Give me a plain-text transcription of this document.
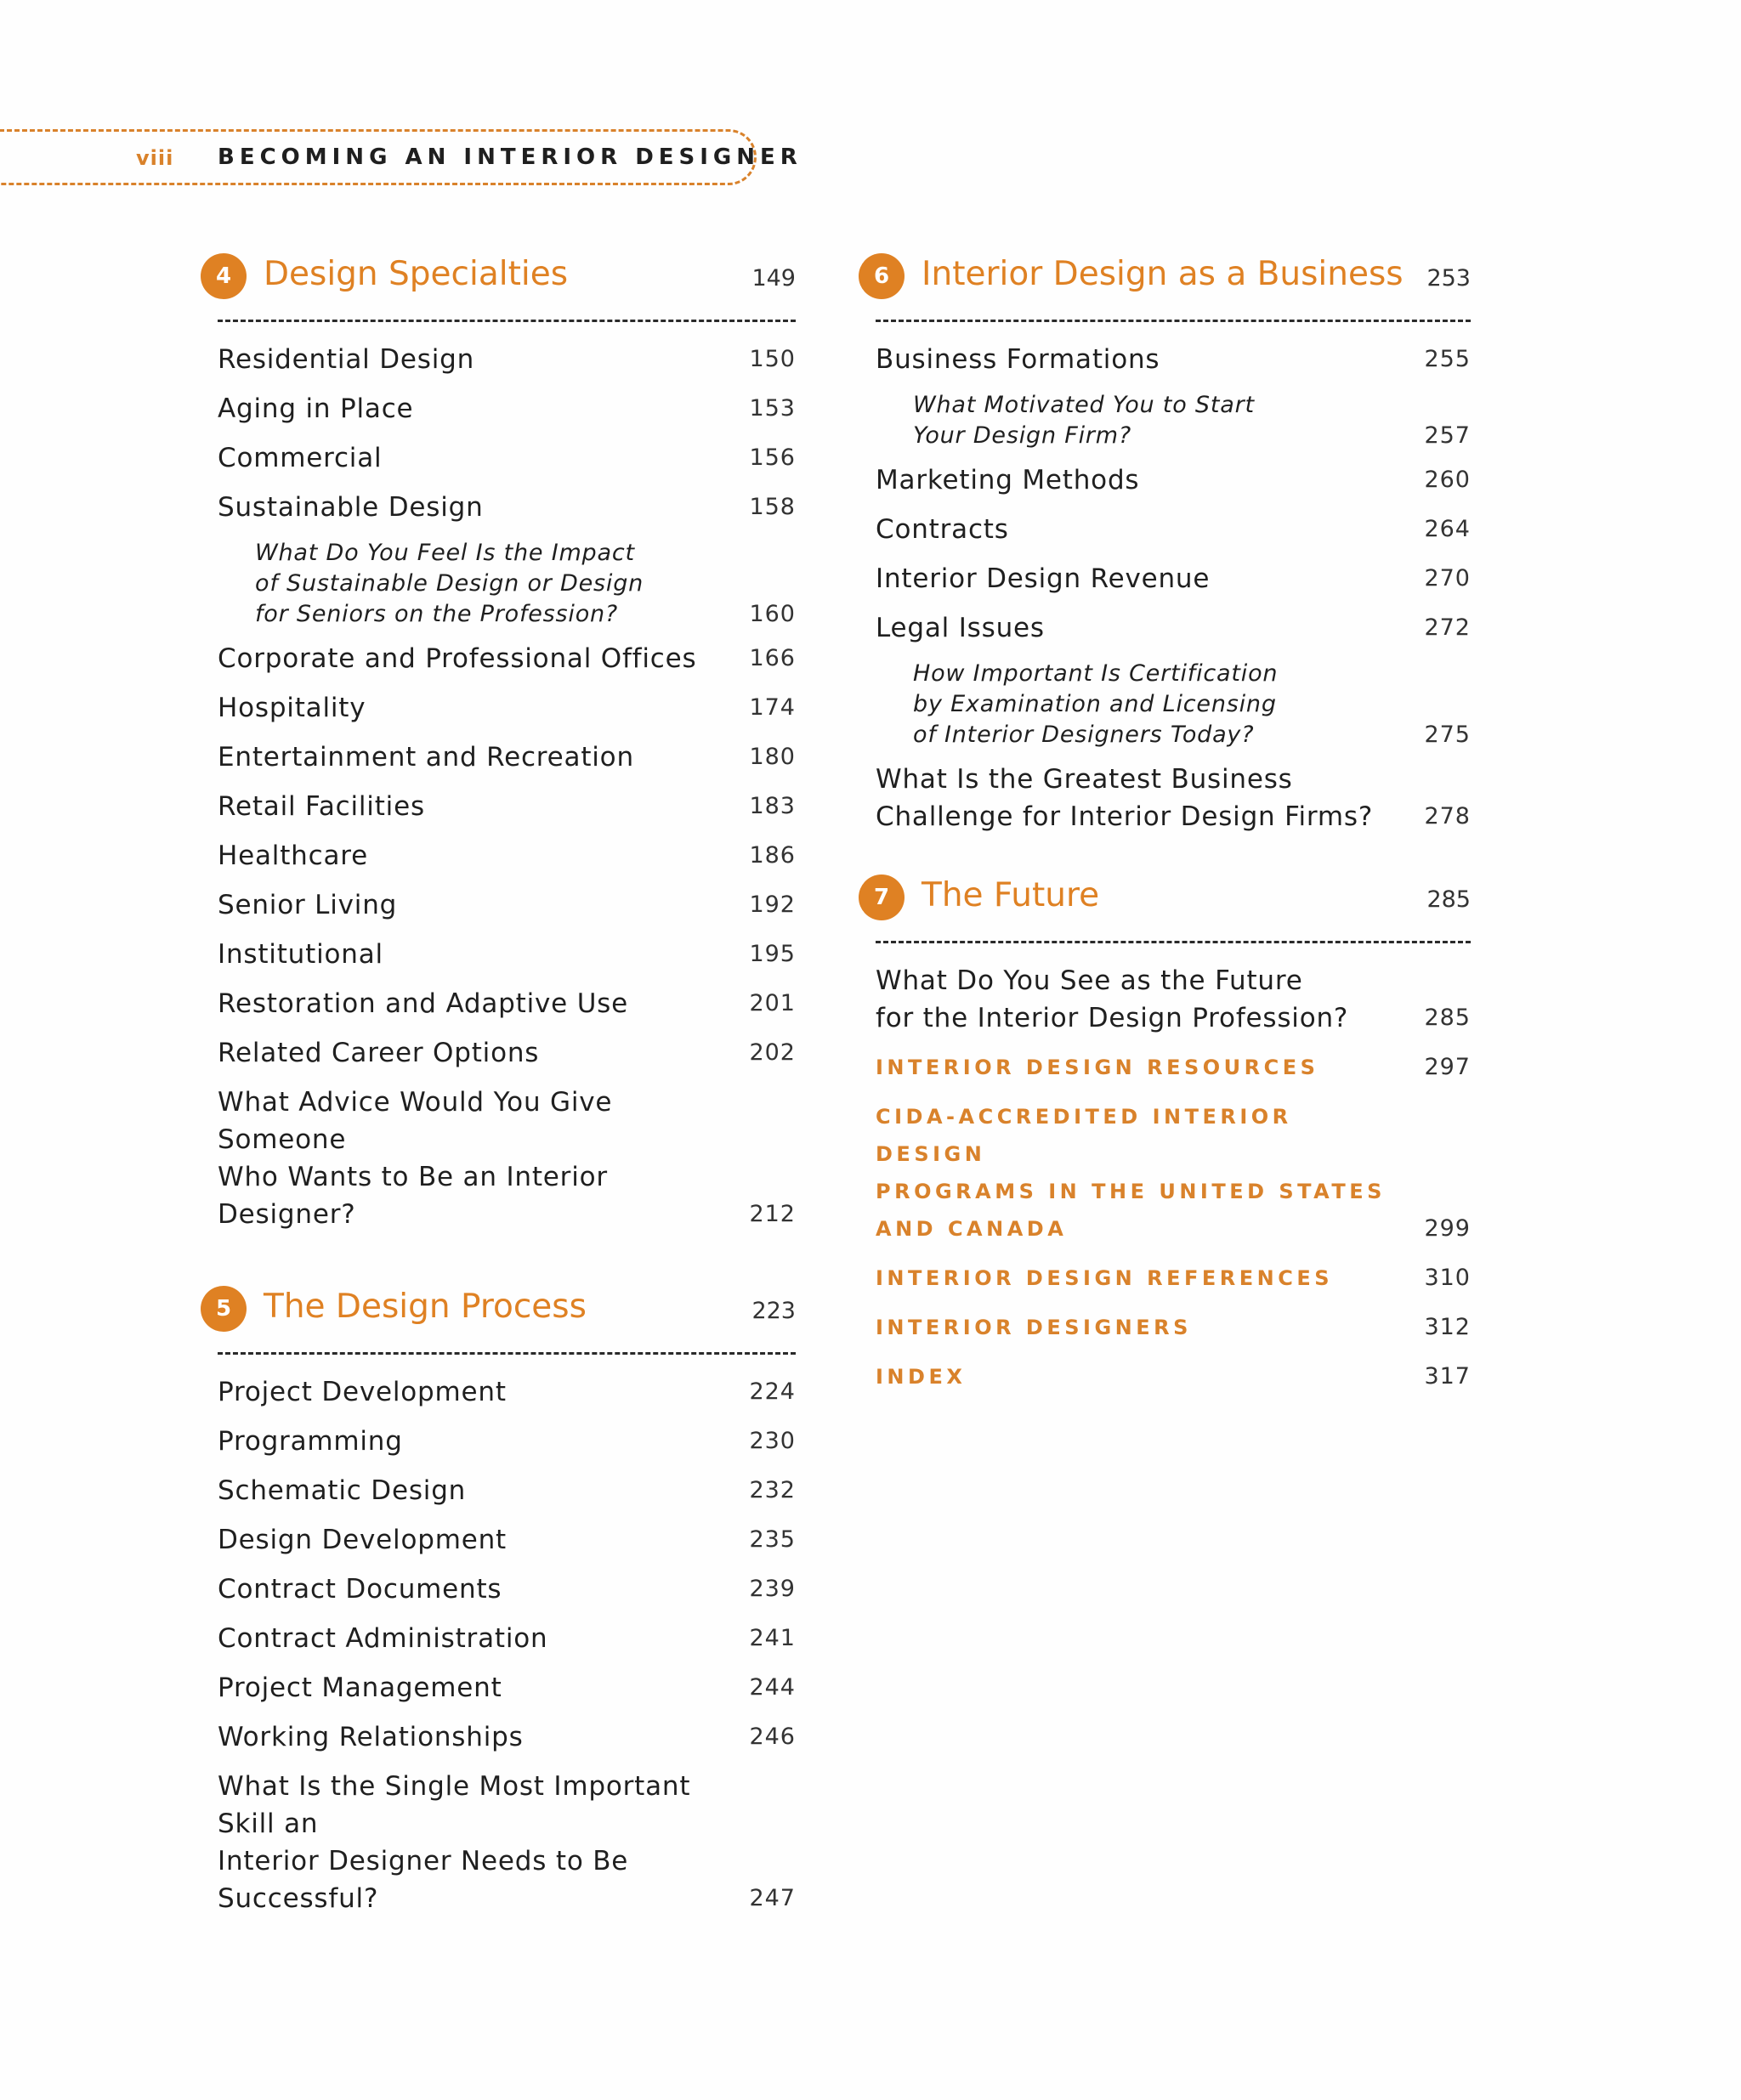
viii BECOMING AN INTERIOR DESIGNER
4 Design Specialties	149
Residential Design	150
Aging in Place	153
Commercial	156
Sustainable Design	158
What Do You Feel Is the Impact
of Sustainable Design or Design
for Seniors on the Profession?	160
Corporate and Professional Offices 166
Hospitality	174
Entertainment and Recreation	180
Retail Facilities	183
Healthcare	186
Senior Living	192
Institutional	195
Restoration and Adaptive Use	201
Related Career Options	202
What Advice Would You Give Someone
Who Wants to Be an Interior Designer?	212
5 The Design Process	223
Project Development	224
Programming	230
Schematic Design	232
Design Development	235
Contract Documents	239
Contract Administration	241
Project Management	244
Working Relationships	246
What Is the Single Most Important Skill an
Interior Designer Needs to Be Successful?	247
6 Interior Design as a Business 253
Business Formations	255
What Motivated You to Start
Your Design Firm?	257
Marketing Methods	260
Contracts	264
Interior Design Revenue	270
Legal Issues	272
How Important Is Certification
by Examination and Licensing
of Interior Designers Today?	275
What Is the Greatest Business
Challenge for Interior Design Firms?	278
7 The Future	285
What Do You See as the Future
for the Interior Design Profession?	285
INTERIOR DESIGN RESOURCES	297
CIDA-ACCREDITED INTERIOR DESIGN
PROGRAMS IN THE UNITED STATES
AND CANADA	299
INTERIOR DESIGN REFERENCES	310
INTERIOR DESIGNERS	312
INDEX	317
